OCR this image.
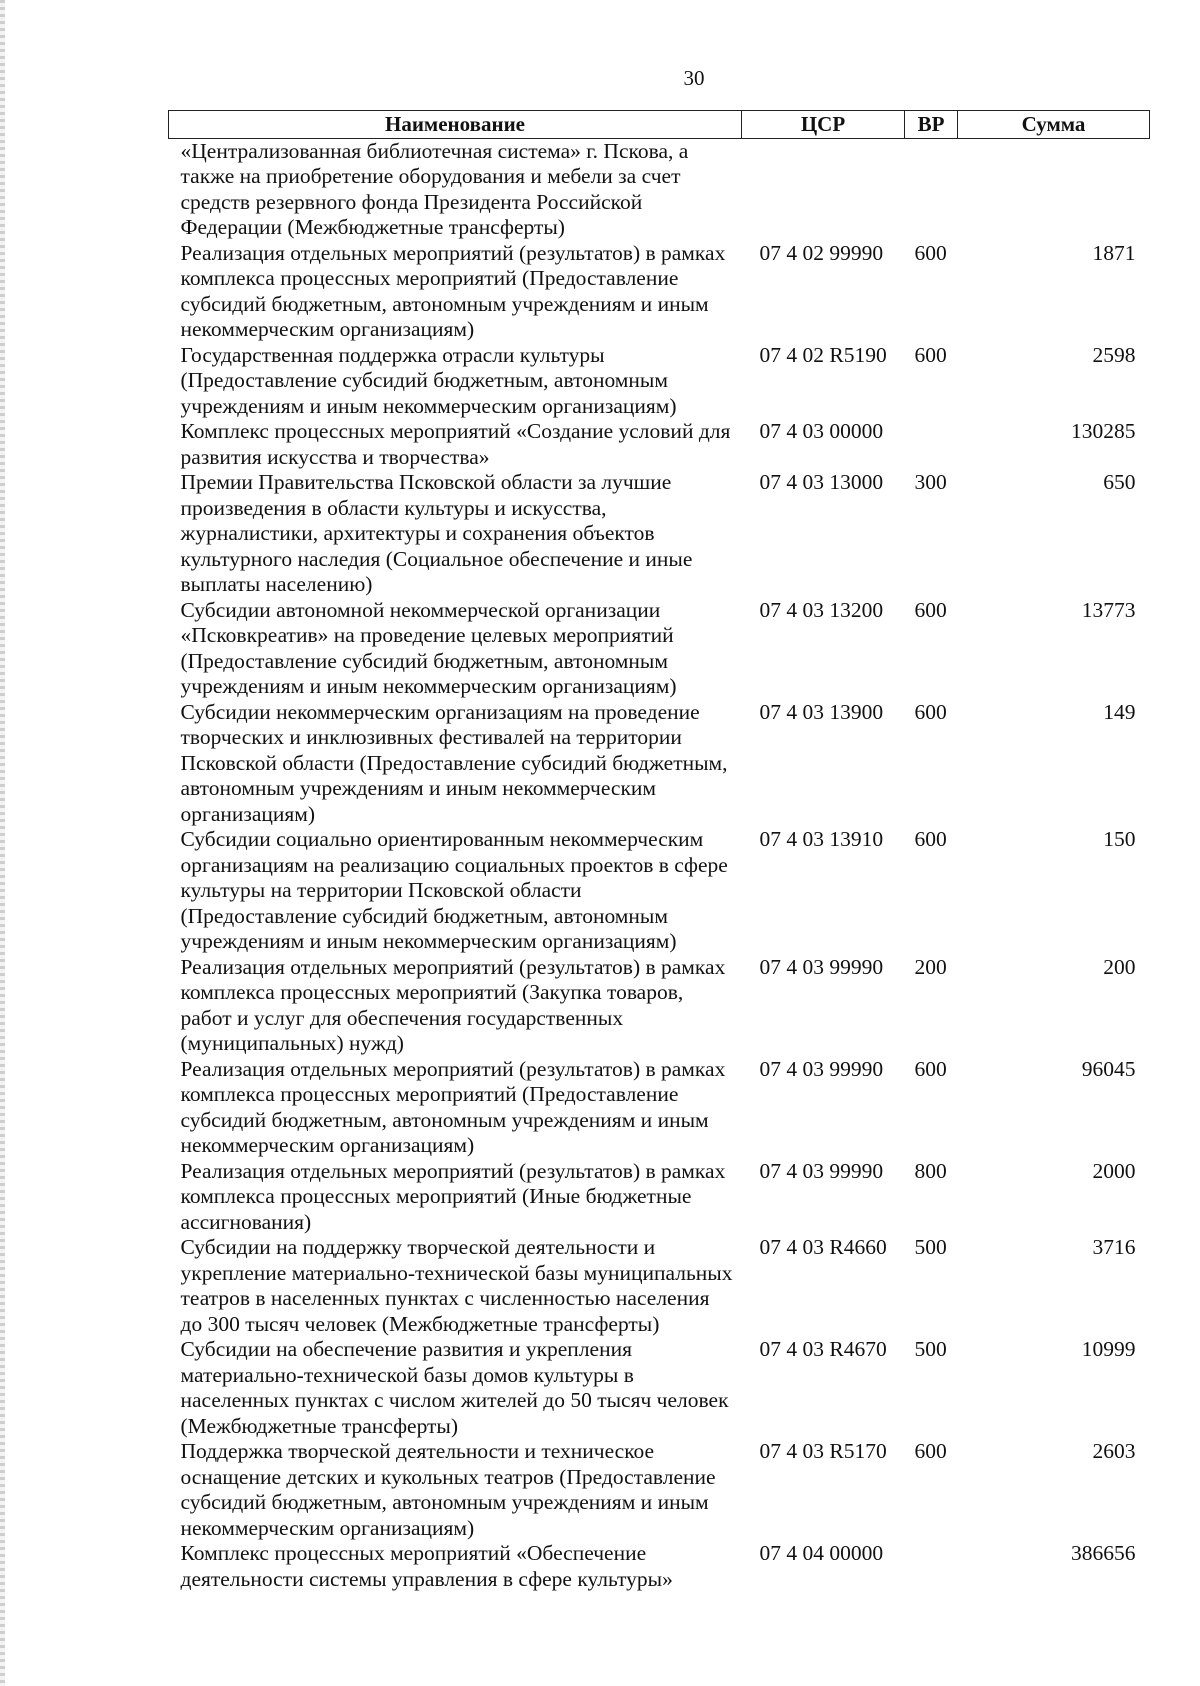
30
Наименование	ЦСР	ВР	Сумма
«Централизованная библиотечная система» г. Пскова, а также на приобретение оборудования и мебели за счет средств резервного фонда Президента Российской Федерации (Межбюджетные трансферты)			
Реализация отдельных мероприятий (результатов) в рамках комплекса процессных мероприятий (Предоставление субсидий бюджетным, автономным учреждениям и иным некоммерческим организациям)	07 4 02 99990	600	1871
Государственная поддержка отрасли культуры (Предоставление субсидий бюджетным, автономным учреждениям и иным некоммерческим организациям)	07 4 02 R5190	600	2598
Комплекс процессных мероприятий «Создание условий для развития искусства и творчества»	07 4 03 00000		130285
Премии Правительства Псковской области за лучшие произведения в области культуры и искусства, журналистики, архитектуры и сохранения объектов культурного наследия (Социальное обеспечение и иные выплаты населению)	07 4 03 13000	300	650
Субсидии автономной некоммерческой организации «Псковкреатив» на проведение целевых мероприятий (Предоставление субсидий бюджетным, автономным учреждениям и иным некоммерческим организациям)	07 4 03 13200	600	13773
Субсидии некоммерческим организациям на проведение творческих и инклюзивных фестивалей на территории Псковской области (Предоставление субсидий бюджетным, автономным учреждениям и иным некоммерческим организациям)	07 4 03 13900	600	149
Субсидии социально ориентированным некоммерческим организациям на реализацию социальных проектов в сфере культуры на территории Псковской области (Предоставление субсидий бюджетным, автономным учреждениям и иным некоммерческим организациям)	07 4 03 13910	600	150
Реализация отдельных мероприятий (результатов) в рамках комплекса процессных мероприятий (Закупка товаров, работ и услуг для обеспечения государственных (муниципальных) нужд)	07 4 03 99990	200	200
Реализация отдельных мероприятий (результатов) в рамках комплекса процессных мероприятий (Предоставление субсидий бюджетным, автономным учреждениям и иным некоммерческим организациям)	07 4 03 99990	600	96045
Реализация отдельных мероприятий (результатов) в рамках комплекса процессных мероприятий (Иные бюджетные ассигнования)	07 4 03 99990	800	2000
Субсидии на поддержку творческой деятельности и укрепление материально-технической базы муниципальных театров в населенных пунктах с численностью населения до 300 тысяч человек (Межбюджетные трансферты)	07 4 03 R4660	500	3716
Субсидии на обеспечение развития и укрепления материально-технической базы домов культуры в населенных пунктах с числом жителей до 50 тысяч человек (Межбюджетные трансферты)	07 4 03 R4670	500	10999
Поддержка творческой деятельности и техническое оснащение детских и кукольных театров (Предоставление субсидий бюджетным, автономным учреждениям и иным некоммерческим организациям)	07 4 03 R5170	600	2603
Комплекс процессных мероприятий «Обеспечение деятельности системы управления в сфере культуры»	07 4 04 00000		386656
